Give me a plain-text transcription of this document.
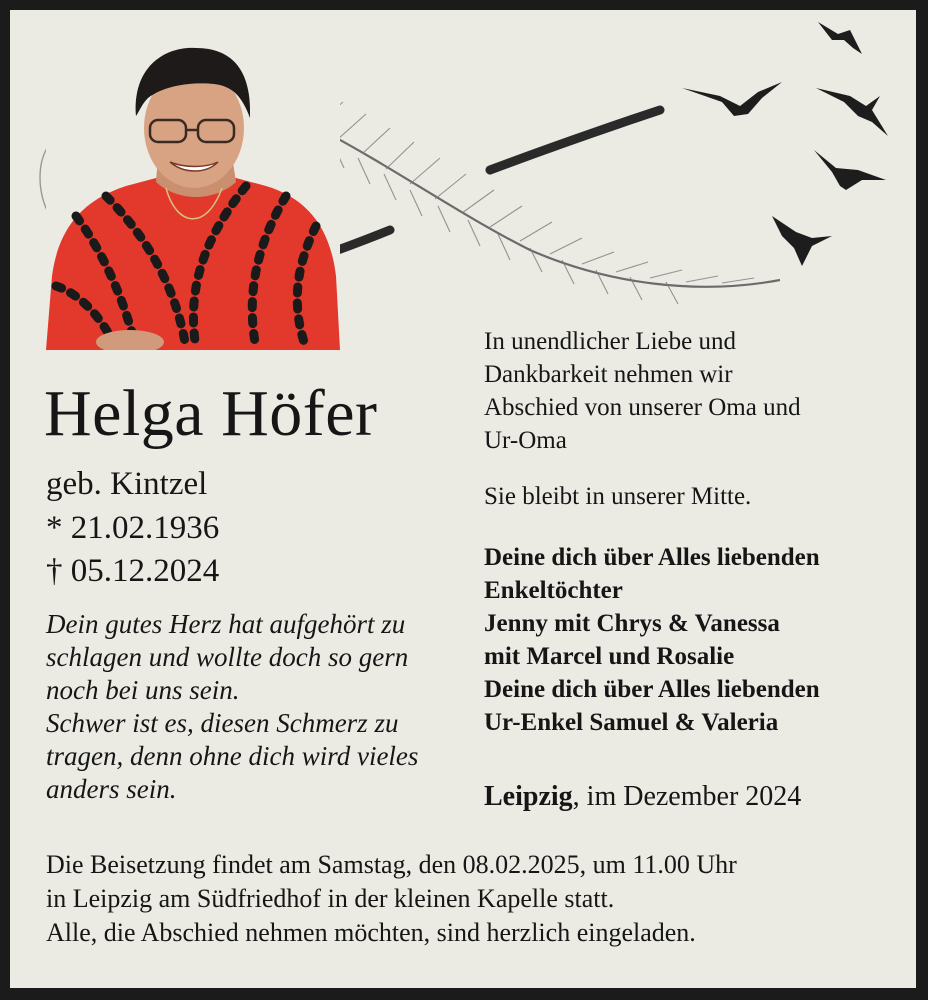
Helga Höfer
geb. Kintzel
* 21.02.1936
† 05.12.2024
Dein gutes Herz hat aufgehört zu
schlagen und wollte doch so gern
noch bei uns sein.
Schwer ist es, diesen Schmerz zu
tragen, denn ohne dich wird vieles
anders sein.
In unendlicher Liebe und
Dankbarkeit nehmen wir
Abschied von unserer Oma und
Ur-Oma
Sie bleibt in unserer Mitte.
Deine dich über Alles liebenden
Enkeltöchter
Jenny mit Chrys & Vanessa
mit Marcel und Rosalie
Deine dich über Alles liebenden
Ur-Enkel Samuel & Valeria
Leipzig, im Dezember 2024
Die Beisetzung findet am Samstag, den 08.02.2025, um 11.00 Uhr
in Leipzig am Südfriedhof in der kleinen Kapelle statt.
Alle, die Abschied nehmen möchten, sind herzlich eingeladen.
